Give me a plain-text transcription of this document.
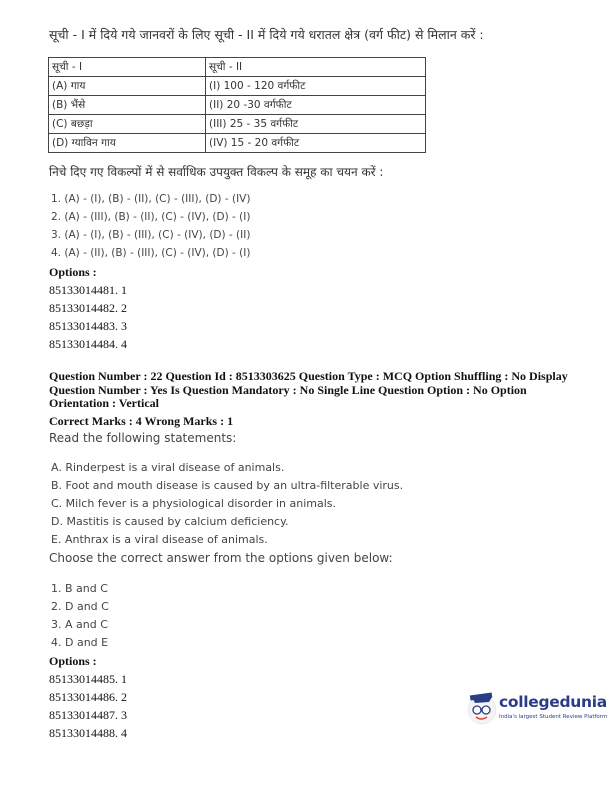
सूची - I में दिये गये जानवरों के लिए सूची - II में दिये गये धरातल क्षेत्र (वर्ग फीट) से मिलान करें :
सूची - I	सूची - II
(A) गाय	(I) 100 - 120 वर्गफीट
(B) भैंसे	(II) 20 -30 वर्गफीट
(C) बछड़ा	(III) 25 - 35 वर्गफीट
(D) ग्याविन गाय	(IV) 15 - 20 वर्गफीट
निचे दिए गए विकल्पों में से सर्वाधिक उपयुक्त विकल्प के समूह का चयन करें :
1. (A) - (I), (B) - (II), (C) - (III), (D) - (IV)
2. (A) - (III), (B) - (II), (C) - (IV), (D) - (I)
3. (A) - (I), (B) - (III), (C) - (IV), (D) - (II)
4. (A) - (II), (B) - (III), (C) - (IV), (D) - (I)
Options :
85133014481. 1
85133014482. 2
85133014483. 3
85133014484. 4
Question Number : 22 Question Id : 8513303625 Question Type : MCQ Option Shuffling : No Display Question Number : Yes Is Question Mandatory : No Single Line Question Option : No Option Orientation : Vertical
Correct Marks : 4 Wrong Marks : 1
Read the following statements:
A. Rinderpest is a viral disease of animals.
B. Foot and mouth disease is caused by an ultra-filterable virus.
C. Milch fever is a physiological disorder in animals.
D. Mastitis is caused by calcium deficiency.
E. Anthrax is a viral disease of animals.
Choose the correct answer from the options given below:
1. B and C
2. D and C
3. A and C
4. D and E
Options :
85133014485. 1
85133014486. 2
85133014487. 3
85133014488. 4
collegedunia
India's largest Student Review Platform
